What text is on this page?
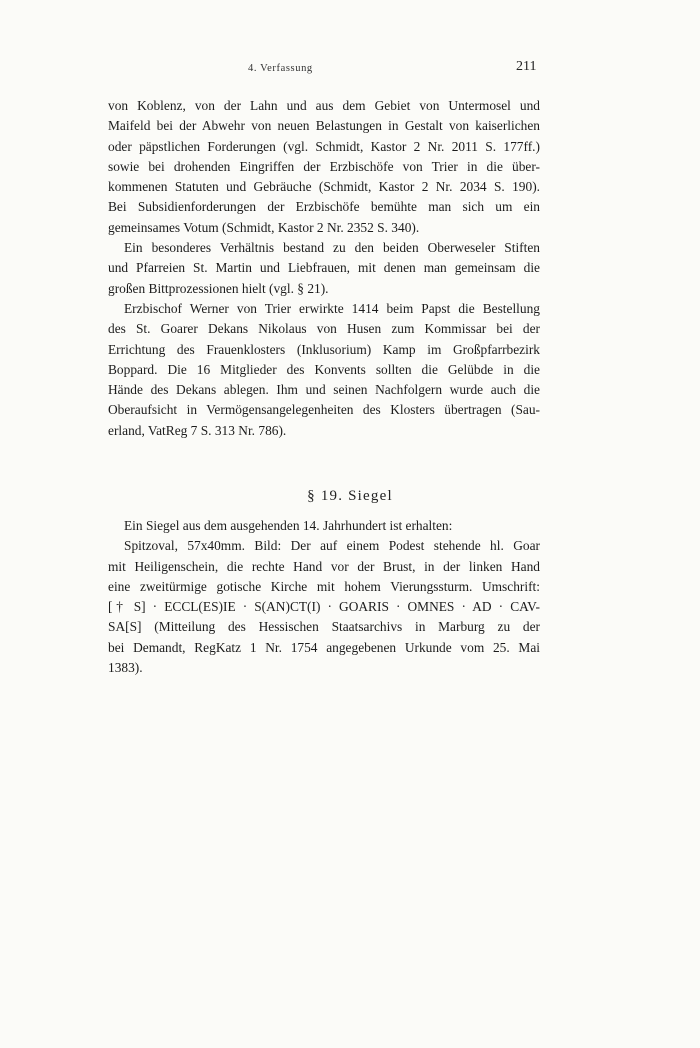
4. Verfassung	211
von Koblenz, von der Lahn und aus dem Gebiet von Untermosel und
Maifeld bei der Abwehr von neuen Belastungen in Gestalt von kaiserlichen
oder päpstlichen Forderungen (vgl. Schmidt, Kastor 2 Nr. 2011 S. 177ff.)
sowie bei drohenden Eingriffen der Erzbischöfe von Trier in die über-
kommenen Statuten und Gebräuche (Schmidt, Kastor 2 Nr. 2034 S. 190).
Bei Subsidienforderungen der Erzbischöfe bemühte man sich um ein
gemeinsames Votum (Schmidt, Kastor 2 Nr. 2352 S. 340).
Ein besonderes Verhältnis bestand zu den beiden Oberweseler Stiften
und Pfarreien St. Martin und Liebfrauen, mit denen man gemeinsam die
großen Bittprozessionen hielt (vgl. § 21).
Erzbischof Werner von Trier erwirkte 1414 beim Papst die Bestellung
des St. Goarer Dekans Nikolaus von Husen zum Kommissar bei der
Errichtung des Frauenklosters (Inklusorium) Kamp im Großpfarrbezirk
Boppard. Die 16 Mitglieder des Konvents sollten die Gelübde in die
Hände des Dekans ablegen. Ihm und seinen Nachfolgern wurde auch die
Oberaufsicht in Vermögensangelegenheiten des Klosters übertragen (Sau-
erland, VatReg 7 S. 313 Nr. 786).
§ 19. Siegel
Ein Siegel aus dem ausgehenden 14. Jahrhundert ist erhalten:
Spitzoval, 57x40mm. Bild: Der auf einem Podest stehende hl. Goar
mit Heiligenschein, die rechte Hand vor der Brust, in der linken Hand
eine zweitürmige gotische Kirche mit hohem Vierungssturm. Umschrift:
[† S] · ECCL(ES)IE · S(AN)CT(I) · GOARIS · OMNES · AD · CAV-
SA[S] (Mitteilung des Hessischen Staatsarchivs in Marburg zu der
bei Demandt, RegKatz 1 Nr. 1754 angegebenen Urkunde vom 25. Mai
1383).
